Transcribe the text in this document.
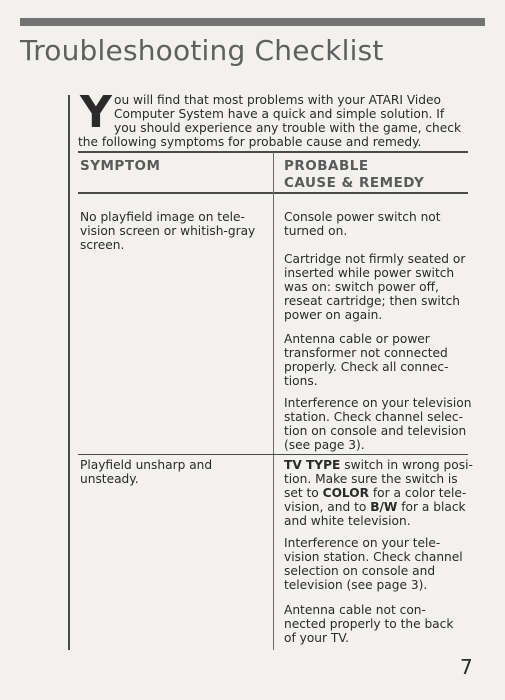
Troubleshooting Checklist
Y ou will find that most problems with your ATARI Video
Computer System have a quick and simple solution. If
you should experience any trouble with the game, check
the following symptoms for probable cause and remedy.
SYMPTOM	PROBABLE
CAUSE & REMEDY
No playfield image on tele-
vision screen or whitish-gray
screen.
Console power switch not
turned on.
Cartridge not firmly seated or
inserted while power switch
was on: switch power off,
reseat cartridge; then switch
power on again.
Antenna cable or power
transformer not connected
properly. Check all connec-
tions.
Interference on your television
station. Check channel selec-
tion on console and television
(see page 3).
Playfield unsharp and
unsteady.
TV TYPE switch in wrong posi-
tion. Make sure the switch is
set to COLOR for a color tele-
vision, and to B/W for a black
and white television.
Interference on your tele-
vision station. Check channel
selection on console and
television (see page 3).
Antenna cable not con-
nected properly to the back
of your TV.
7
